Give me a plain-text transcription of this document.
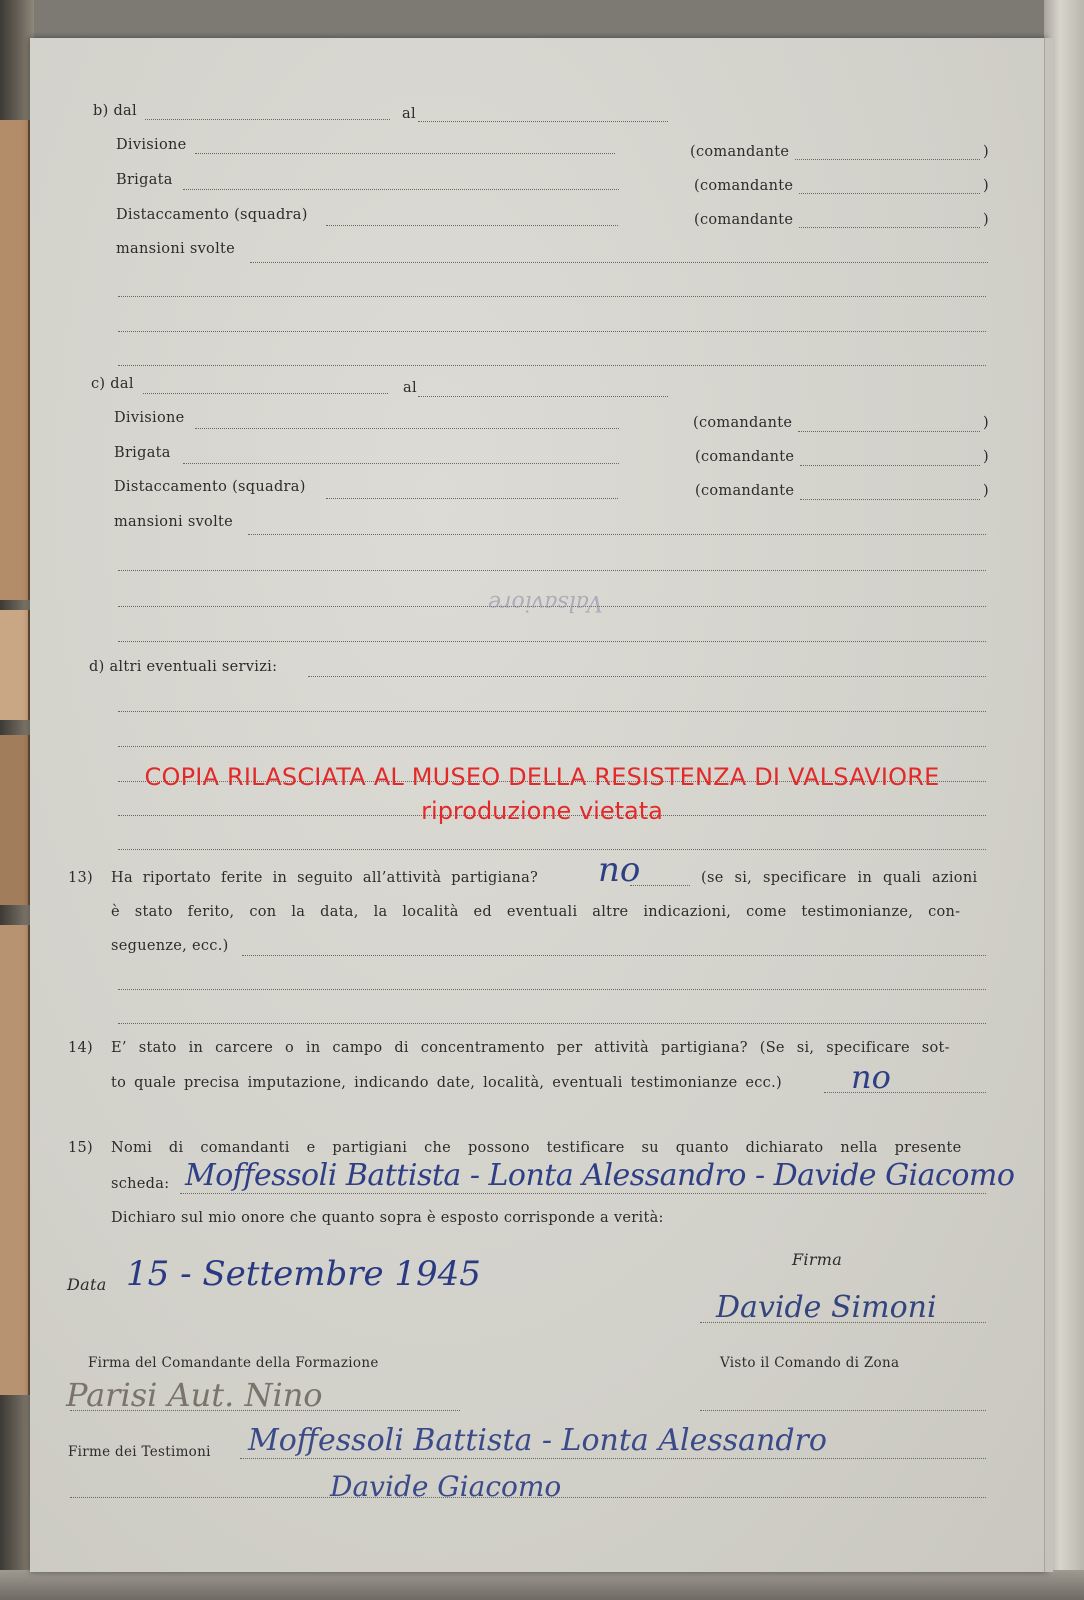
b) dal	al
Divisione	(comandante	)
Brigata	(comandante	)
Distaccamento (squadra)	(comandante	)
mansioni svolte
c) dal	al
Divisione	(comandante	)
Brigata	(comandante	)
Distaccamento (squadra)	(comandante	)
mansioni svolte
Valsaviore
d) altri eventuali servizi:
COPIA RILASCIATA AL MUSEO DELLA RESISTENZA DI VALSAVIORE
riproduzione vietata
13) Ha riportato ferite in seguito all’attività partigiana? no	(se si, specificare in quali azioni
è stato ferito, con la data, la località ed eventuali altre indicazioni, come testimonianze, con-
seguenze, ecc.)
14) E’ stato in carcere o in campo di concentramento per attività partigiana? (Se si, specificare sot-
to quale precisa imputazione, indicando date, località, eventuali testimonianze ecc.) no
15) Nomi di comandanti e partigiani che possono testificare su quanto dichiarato nella presente
scheda: Moffessoli Battista - Lonta Alessandro - Davide Giacomo
Dichiaro sul mio onore che quanto sopra è esposto corrisponde a verità:
Firma
Data 15 - Settembre 1945
Davide Simoni
Firma del Comandante della Formazione	Visto il Comando di Zona
Parisi Aut. Nino
Firme dei Testimoni Moffessoli Battista - Lonta Alessandro
Davide Giacomo
